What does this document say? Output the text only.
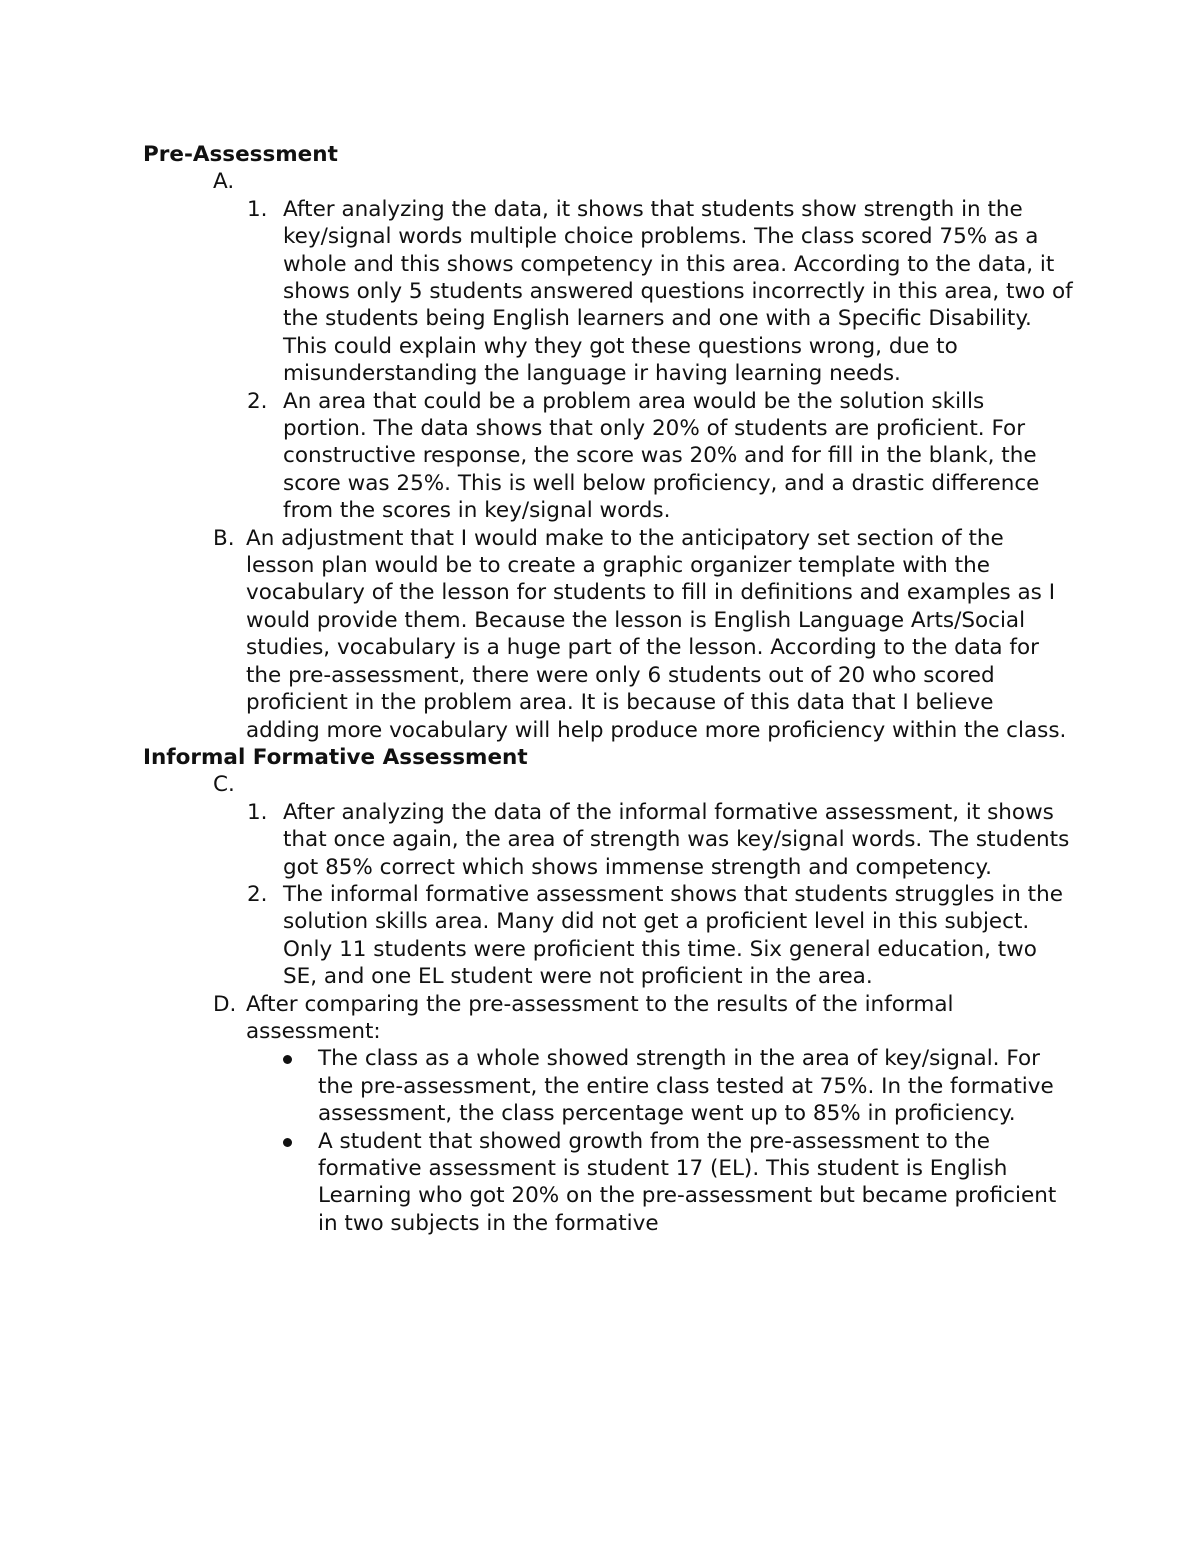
Pre-Assessment
A.
1. After analyzing the data, it shows that students show strength in the key/signal words multiple choice problems. The class scored 75% as a whole and this shows competency in this area. According to the data, it shows only 5 students answered questions incorrectly in this area, two of the students being English learners and one with a Specific Disability. This could explain why they got these questions wrong, due to misunderstanding the language ir having learning needs.
2. An area that could be a problem area would be the solution skills portion. The data shows that only 20% of students are proficient. For constructive response, the score was 20% and for fill in the blank, the score was 25%. This is well below proficiency, and a drastic difference from the scores in key/signal words.
B. An adjustment that I would make to the anticipatory set section of the lesson plan would be to create a graphic organizer template with the vocabulary of the lesson for students to fill in definitions and examples as I would provide them. Because the lesson is English Language Arts/Social studies, vocabulary is a huge part of the lesson. According to the data for the pre-assessment, there were only 6 students out of 20 who scored proficient in the problem area. It is because of this data that I believe adding more vocabulary will help produce more proficiency within the class.
Informal Formative Assessment
C.
1. After analyzing the data of the informal formative assessment, it shows that once again, the area of strength was key/signal words. The students got 85% correct which shows immense strength and competency.
2. The informal formative assessment shows that students struggles in the solution skills area. Many did not get a proficient level in this subject. Only 11 students were proficient this time. Six general education, two SE, and one EL student were not proficient in the area.
D. After comparing the pre-assessment to the results of the informal assessment:
The class as a whole showed strength in the area of key/signal. For the pre-assessment, the entire class tested at 75%. In the formative assessment, the class percentage went up to 85% in proficiency.
A student that showed growth from the pre-assessment to the formative assessment is student 17 (EL). This student is English Learning who got 20% on the pre-assessment but became proficient in two subjects in the formative
